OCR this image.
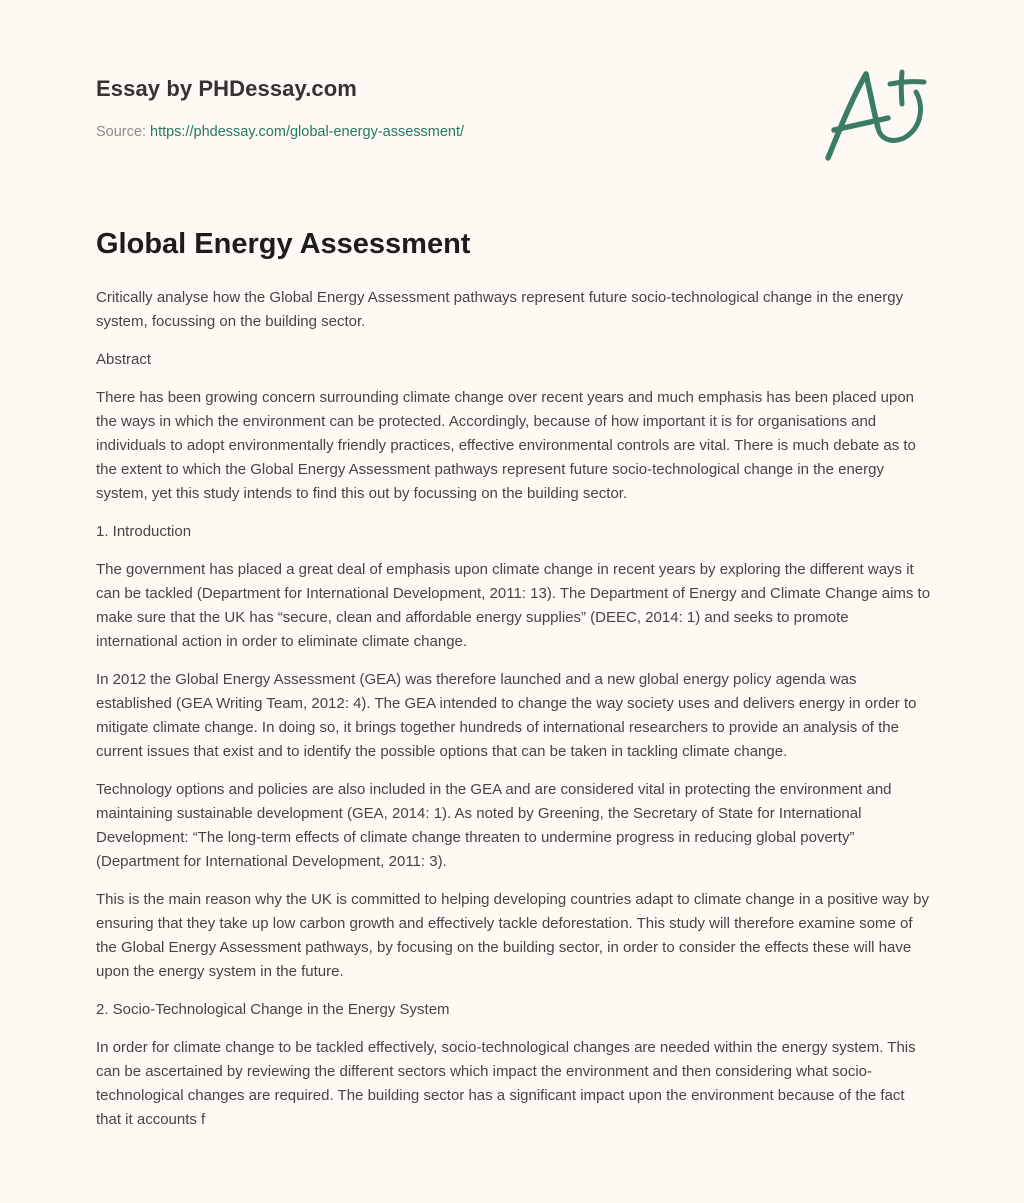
Essay by PHDessay.com
Source: https://phdessay.com/global-energy-assessment/
Global Energy Assessment

Critically analyse how the Global Energy Assessment pathways represent future socio-technological change in the energy system, focussing on the building sector.

Abstract

There has been growing concern surrounding climate change over recent years and much emphasis has been placed upon the ways in which the environment can be protected. Accordingly, because of how important it is for organisations and individuals to adopt environmentally friendly practices, effective environmental controls are vital. There is much debate as to the extent to which the Global Energy Assessment pathways represent future socio-technological change in the energy system, yet this study intends to find this out by focussing on the building sector.

1. Introduction

The government has placed a great deal of emphasis upon climate change in recent years by exploring the different ways it can be tackled (Department for International Development, 2011: 13). The Department of Energy and Climate Change aims to make sure that the UK has “secure, clean and affordable energy supplies” (DEEC, 2014: 1) and seeks to promote international action in order to eliminate climate change.

In 2012 the Global Energy Assessment (GEA) was therefore launched and a new global energy policy agenda was established (GEA Writing Team, 2012: 4). The GEA intended to change the way society uses and delivers energy in order to mitigate climate change. In doing so, it brings together hundreds of international researchers to provide an analysis of the current issues that exist and to identify the possible options that can be taken in tackling climate change.

Technology options and policies are also included in the GEA and are considered vital in protecting the environment and maintaining sustainable development (GEA, 2014: 1). As noted by Greening, the Secretary of State for International Development: “The long-term effects of climate change threaten to undermine progress in reducing global poverty” (Department for International Development, 2011: 3).

This is the main reason why the UK is committed to helping developing countries adapt to climate change in a positive way by ensuring that they take up low carbon growth and effectively tackle deforestation. This study will therefore examine some of the Global Energy Assessment pathways, by focusing on the building sector, in order to consider the effects these will have upon the energy system in the future.

2. Socio-Technological Change in the Energy System

In order for climate change to be tackled effectively, socio-technological changes are needed within the energy system. This can be ascertained by reviewing the different sectors which impact the environment and then considering what socio-technological changes are required. The building sector has a significant impact upon the environment because of the fact that it accounts f
